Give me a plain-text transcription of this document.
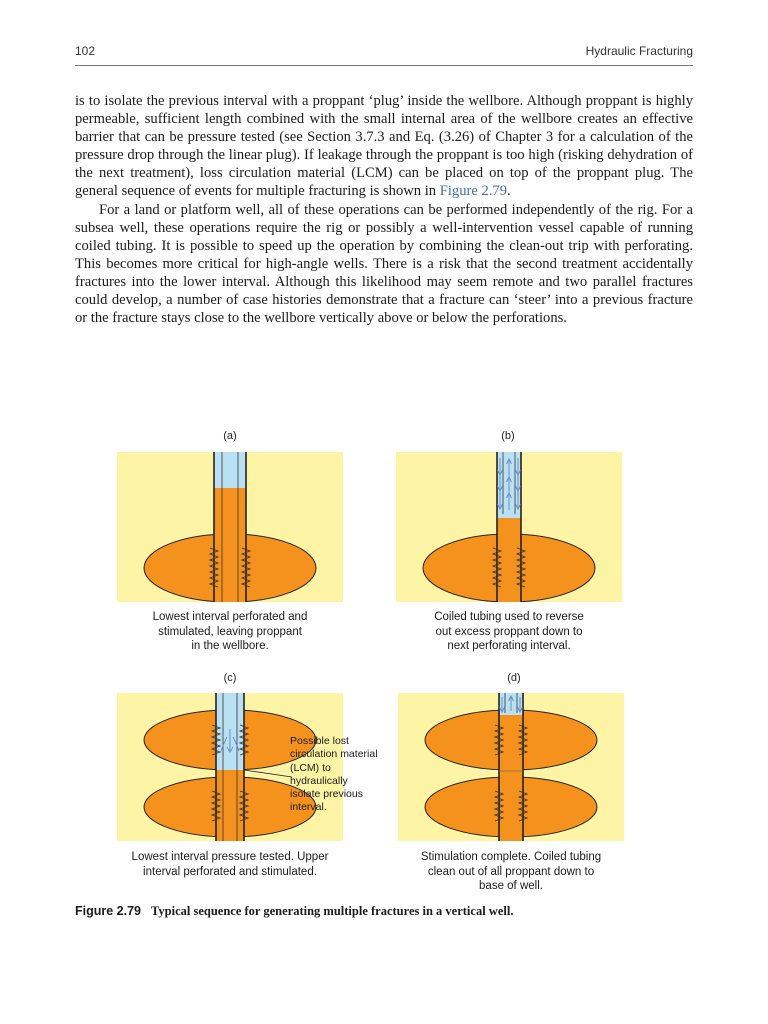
102	Hydraulic Fracturing

is to isolate the previous interval with a proppant ‘plug’ inside the wellbore. Although proppant is highly permeable, sufficient length combined with the small internal area of the wellbore creates an effective barrier that can be pressure tested (see Section 3.7.3 and Eq. (3.26) of Chapter 3 for a calculation of the pressure drop through the linear plug). If leakage through the proppant is too high (risking dehydration of the next treatment), loss circulation material (LCM) can be placed on top of the proppant plug. The general sequence of events for multiple fracturing is shown in Figure 2.79.

For a land or platform well, all of these operations can be performed independently of the rig. For a subsea well, these operations require the rig or possibly a well-intervention vessel capable of running coiled tubing. It is possible to speed up the operation by combining the clean-out trip with perforating. This becomes more critical for high-angle wells. There is a risk that the second treatment accidentally fractures into the lower interval. Although this likelihood may seem remote and two parallel fractures could develop, a number of case histories demonstrate that a fracture can ‘steer’ into a previous fracture or the fracture stays close to the wellbore vertically above or below the perforations.

(a)	(b)
(c)	(d)
Possible lost
circulation material
(LCM) to
hydraulically
isolate previous
interval.
Lowest interval perforated and
stimulated, leaving proppant
in the wellbore.
Coiled tubing used to reverse
out excess proppant down to
next perforating interval.
Lowest interval pressure tested. Upper
interval perforated and stimulated.
Stimulation complete. Coiled tubing
clean out of all proppant down to
base of well.
Figure 2.79 Typical sequence for generating multiple fractures in a vertical well.
